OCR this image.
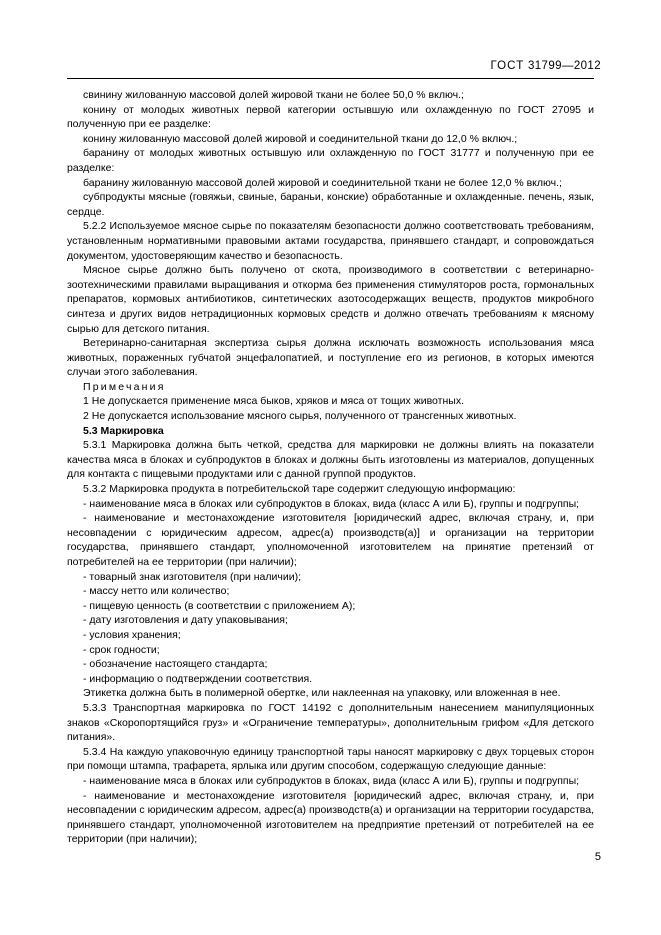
ГОСТ 31799—2012

свинину жилованную массовой долей жировой ткани не более 50,0 % включ.;

конину от молодых животных первой категории остывшую или охлажденную по ГОСТ 27095 и полученную при ее разделке:

конину жилованную массовой долей жировой и соединительной ткани до 12,0 % включ.;

баранину от молодых животных остывшую или охлажденную по ГОСТ 31777 и полученную при ее разделке:

баранину жилованную массовой долей жировой и соединительной ткани не более 12,0 % включ.;

субпродукты мясные (говяжьи, свиные, бараньи, конские) обработанные и охлажденные. печень, язык, сердце.

5.2.2 Используемое мясное сырье по показателям безопасности должно соответствовать требованиям, установленным нормативными правовыми актами государства, принявшего стандарт, и сопровождаться документом, удостоверяющим качество и безопасность.

Мясное сырье должно быть получено от скота, производимого в соответствии с ветеринарно-зоотехническими правилами выращивания и откорма без применения стимуляторов роста, гормональных препаратов, кормовых антибиотиков, синтетических азотосодержащих веществ, продуктов микробного синтеза и других видов нетрадиционных кормовых средств и должно отвечать требованиям к мясному сырью для детского питания.

Ветеринарно-санитарная экспертиза сырья должна исключать возможность использования мяса животных, пораженных губчатой энцефалопатией, и поступление его из регионов, в которых имеются случаи этого заболевания.

Примечания

1 Не допускается применение мяса быков, хряков и мяса от тощих животных.

2 Не допускается использование мясного сырья, полученного от трансгенных животных.

5.3 Маркировка

5.3.1 Маркировка должна быть четкой, средства для маркировки не должны влиять на показатели качества мяса в блоках и субпродуктов в блоках и должны быть изготовлены из материалов, допущенных для контакта с пищевыми продуктами или с данной группой продуктов.

5.3.2 Маркировка продукта в потребительской таре содержит следующую информацию:

- наименование мяса в блоках или субпродуктов в блоках, вида (класс А или Б), группы и подгруппы;

- наименование и местонахождение изготовителя [юридический адрес, включая страну, и, при несовпадении с юридическим адресом, адрес(а) производств(а)] и организации на территории государства, принявшего стандарт, уполномоченной изготовителем на принятие претензий от потребителей на ее территории (при наличии);

- товарный знак изготовителя (при наличии);

- массу нетто или количество;

- пищевую ценность (в соответствии с приложением А);

- дату изготовления и дату упаковывания;

- условия хранения;

- срок годности;

- обозначение настоящего стандарта;

- информацию о подтверждении соответствия.

Этикетка должна быть в полимерной обертке, или наклеенная на упаковку, или вложенная в нее.

5.3.3 Транспортная маркировка по ГОСТ 14192 с дополнительным нанесением манипуляционных знаков «Скоропортящийся груз» и «Ограничение температуры», дополнительным грифом «Для детского питания».

5.3.4 На каждую упаковочную единицу транспортной тары наносят маркировку с двух торцевых сторон при помощи штампа, трафарета, ярлыка или другим способом, содержащую следующие данные:

- наименование мяса в блоках или субпродуктов в блоках, вида (класс А или Б), группы и подгруппы;

- наименование и местонахождение изготовителя [юридический адрес, включая страну, и, при несовпадении с юридическим адресом, адрес(а) производств(а) и организации на территории государства, принявшего стандарт, уполномоченной изготовителем на предприятие претензий от потребителей на ее территории (при наличии);

5
